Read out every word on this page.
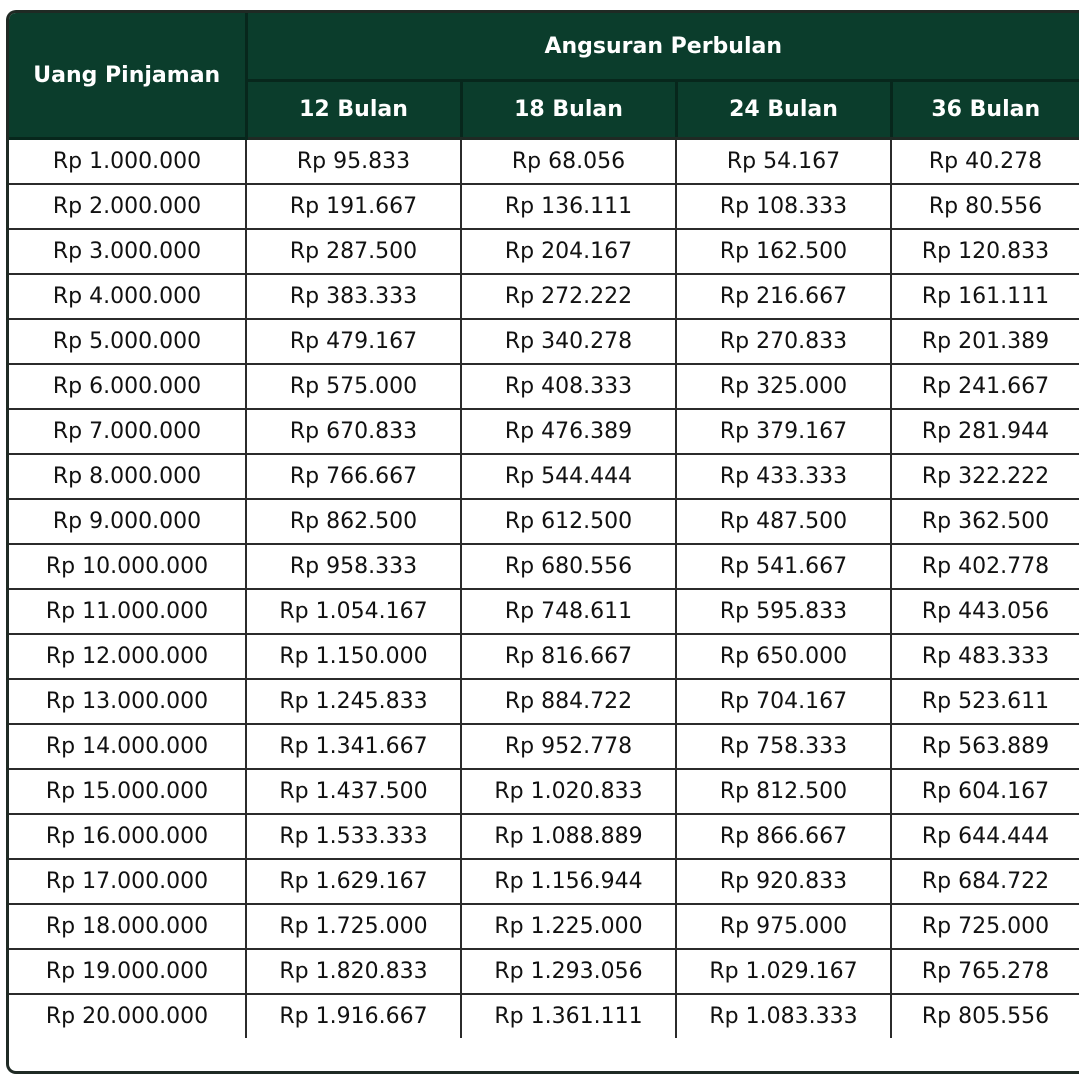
Uang Pinjaman	Angsuran Perbulan			
	12 Bulan	18 Bulan	24 Bulan	36 Bulan
Rp 1.000.000	Rp 95.833	Rp 68.056	Rp 54.167	Rp 40.278
Rp 2.000.000	Rp 191.667	Rp 136.111	Rp 108.333	Rp 80.556
Rp 3.000.000	Rp 287.500	Rp 204.167	Rp 162.500	Rp 120.833
Rp 4.000.000	Rp 383.333	Rp 272.222	Rp 216.667	Rp 161.111
Rp 5.000.000	Rp 479.167	Rp 340.278	Rp 270.833	Rp 201.389
Rp 6.000.000	Rp 575.000	Rp 408.333	Rp 325.000	Rp 241.667
Rp 7.000.000	Rp 670.833	Rp 476.389	Rp 379.167	Rp 281.944
Rp 8.000.000	Rp 766.667	Rp 544.444	Rp 433.333	Rp 322.222
Rp 9.000.000	Rp 862.500	Rp 612.500	Rp 487.500	Rp 362.500
Rp 10.000.000	Rp 958.333	Rp 680.556	Rp 541.667	Rp 402.778
Rp 11.000.000	Rp 1.054.167	Rp 748.611	Rp 595.833	Rp 443.056
Rp 12.000.000	Rp 1.150.000	Rp 816.667	Rp 650.000	Rp 483.333
Rp 13.000.000	Rp 1.245.833	Rp 884.722	Rp 704.167	Rp 523.611
Rp 14.000.000	Rp 1.341.667	Rp 952.778	Rp 758.333	Rp 563.889
Rp 15.000.000	Rp 1.437.500	Rp 1.020.833	Rp 812.500	Rp 604.167
Rp 16.000.000	Rp 1.533.333	Rp 1.088.889	Rp 866.667	Rp 644.444
Rp 17.000.000	Rp 1.629.167	Rp 1.156.944	Rp 920.833	Rp 684.722
Rp 18.000.000	Rp 1.725.000	Rp 1.225.000	Rp 975.000	Rp 725.000
Rp 19.000.000	Rp 1.820.833	Rp 1.293.056	Rp 1.029.167	Rp 765.278
Rp 20.000.000	Rp 1.916.667	Rp 1.361.111	Rp 1.083.333	Rp 805.556
